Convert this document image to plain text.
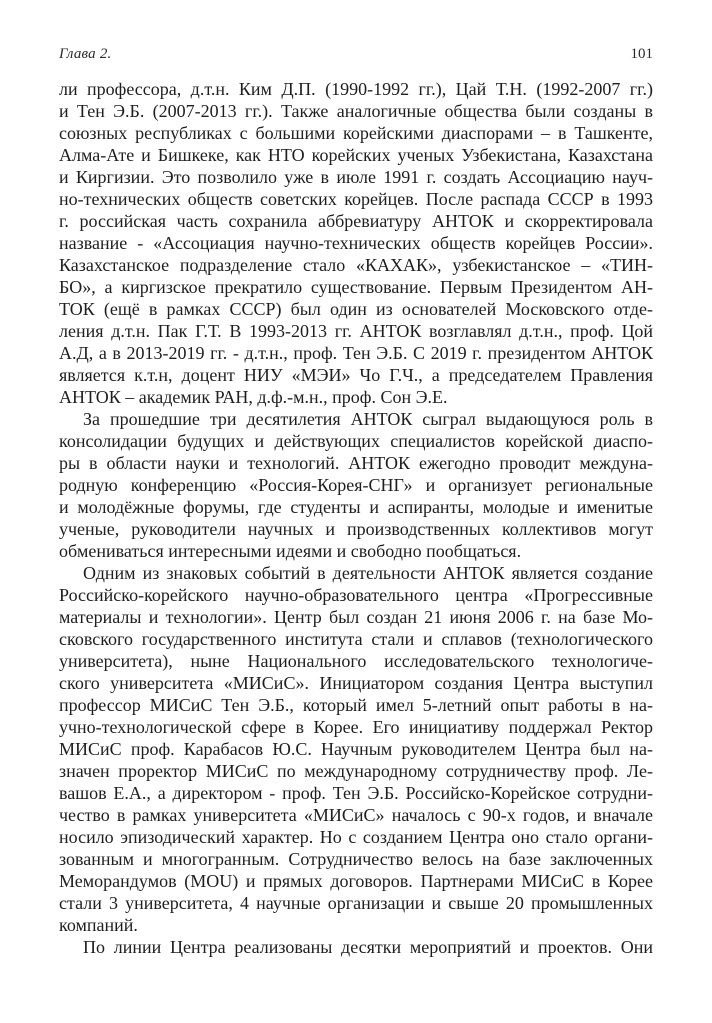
Глава 2.	101
ли профессора, д.т.н. Ким Д.П. (1990-1992 гг.), Цай Т.Н. (1992-2007 гг.)
и Тен Э.Б. (2007-2013 гг.). Также аналогичные общества были созданы в
союзных республиках с большими корейскими диаспорами – в Ташкенте,
Алма-Ате и Бишкеке, как НТО корейских ученых Узбекистана, Казахстана
и Киргизии. Это позволило уже в июле 1991 г. создать Ассоциацию науч-
но-технических обществ советских корейцев. После распада СССР в 1993
г. российская часть сохранила аббревиатуру АНТОК и скорректировала
название - «Ассоциация научно-технических обществ корейцев России».
Казахстанское подразделение стало «КАХАК», узбекистанское – «ТИН-
БО», а киргизское прекратило существование. Первым Президентом АН-
ТОК (ещё в рамках СССР) был один из основателей Московского отде-
ления д.т.н. Пак Г.Т. В 1993-2013 гг. АНТОК возглавлял д.т.н., проф. Цой
А.Д, а в 2013-2019 гг. - д.т.н., проф. Тен Э.Б. С 2019 г. президентом АНТОК
является к.т.н, доцент НИУ «МЭИ» Чо Г.Ч., а председателем Правления
АНТОК – академик РАН, д.ф.-м.н., проф. Сон Э.Е.
За прошедшие три десятилетия АНТОК сыграл выдающуюся роль в
консолидации будущих и действующих специалистов корейской диаспо-
ры в области науки и технологий. АНТОК ежегодно проводит междуна-
родную конференцию «Россия-Корея-СНГ» и организует региональные
и молодёжные форумы, где студенты и аспиранты, молодые и именитые
ученые, руководители научных и производственных коллективов могут
обмениваться интересными идеями и свободно пообщаться.
Одним из знаковых событий в деятельности АНТОК является создание
Российско-корейского научно-образовательного центра «Прогрессивные
материалы и технологии». Центр был создан 21 июня 2006 г. на базе Мо-
сковского государственного института стали и сплавов (технологического
университета), ныне Национального исследовательского технологиче-
ского университета «МИСиС». Инициатором создания Центра выступил
профессор МИСиС Тен Э.Б., который имел 5-летний опыт работы в на-
учно-технологической сфере в Корее. Его инициативу поддержал Ректор
МИСиС проф. Карабасов Ю.С. Научным руководителем Центра был на-
значен проректор МИСиС по международному сотрудничеству проф. Ле-
вашов Е.А., а директором - проф. Тен Э.Б. Российско-Корейское сотрудни-
чество в рамках университета «МИСиС» началось с 90-х годов, и вначале
носило эпизодический характер. Но с созданием Центра оно стало органи-
зованным и многогранным. Сотрудничество велось на базе заключенных
Меморандумов (MOU) и прямых договоров. Партнерами МИСиС в Корее
стали 3 университета, 4 научные организации и свыше 20 промышленных
компаний.
По линии Центра реализованы десятки мероприятий и проектов. Они
